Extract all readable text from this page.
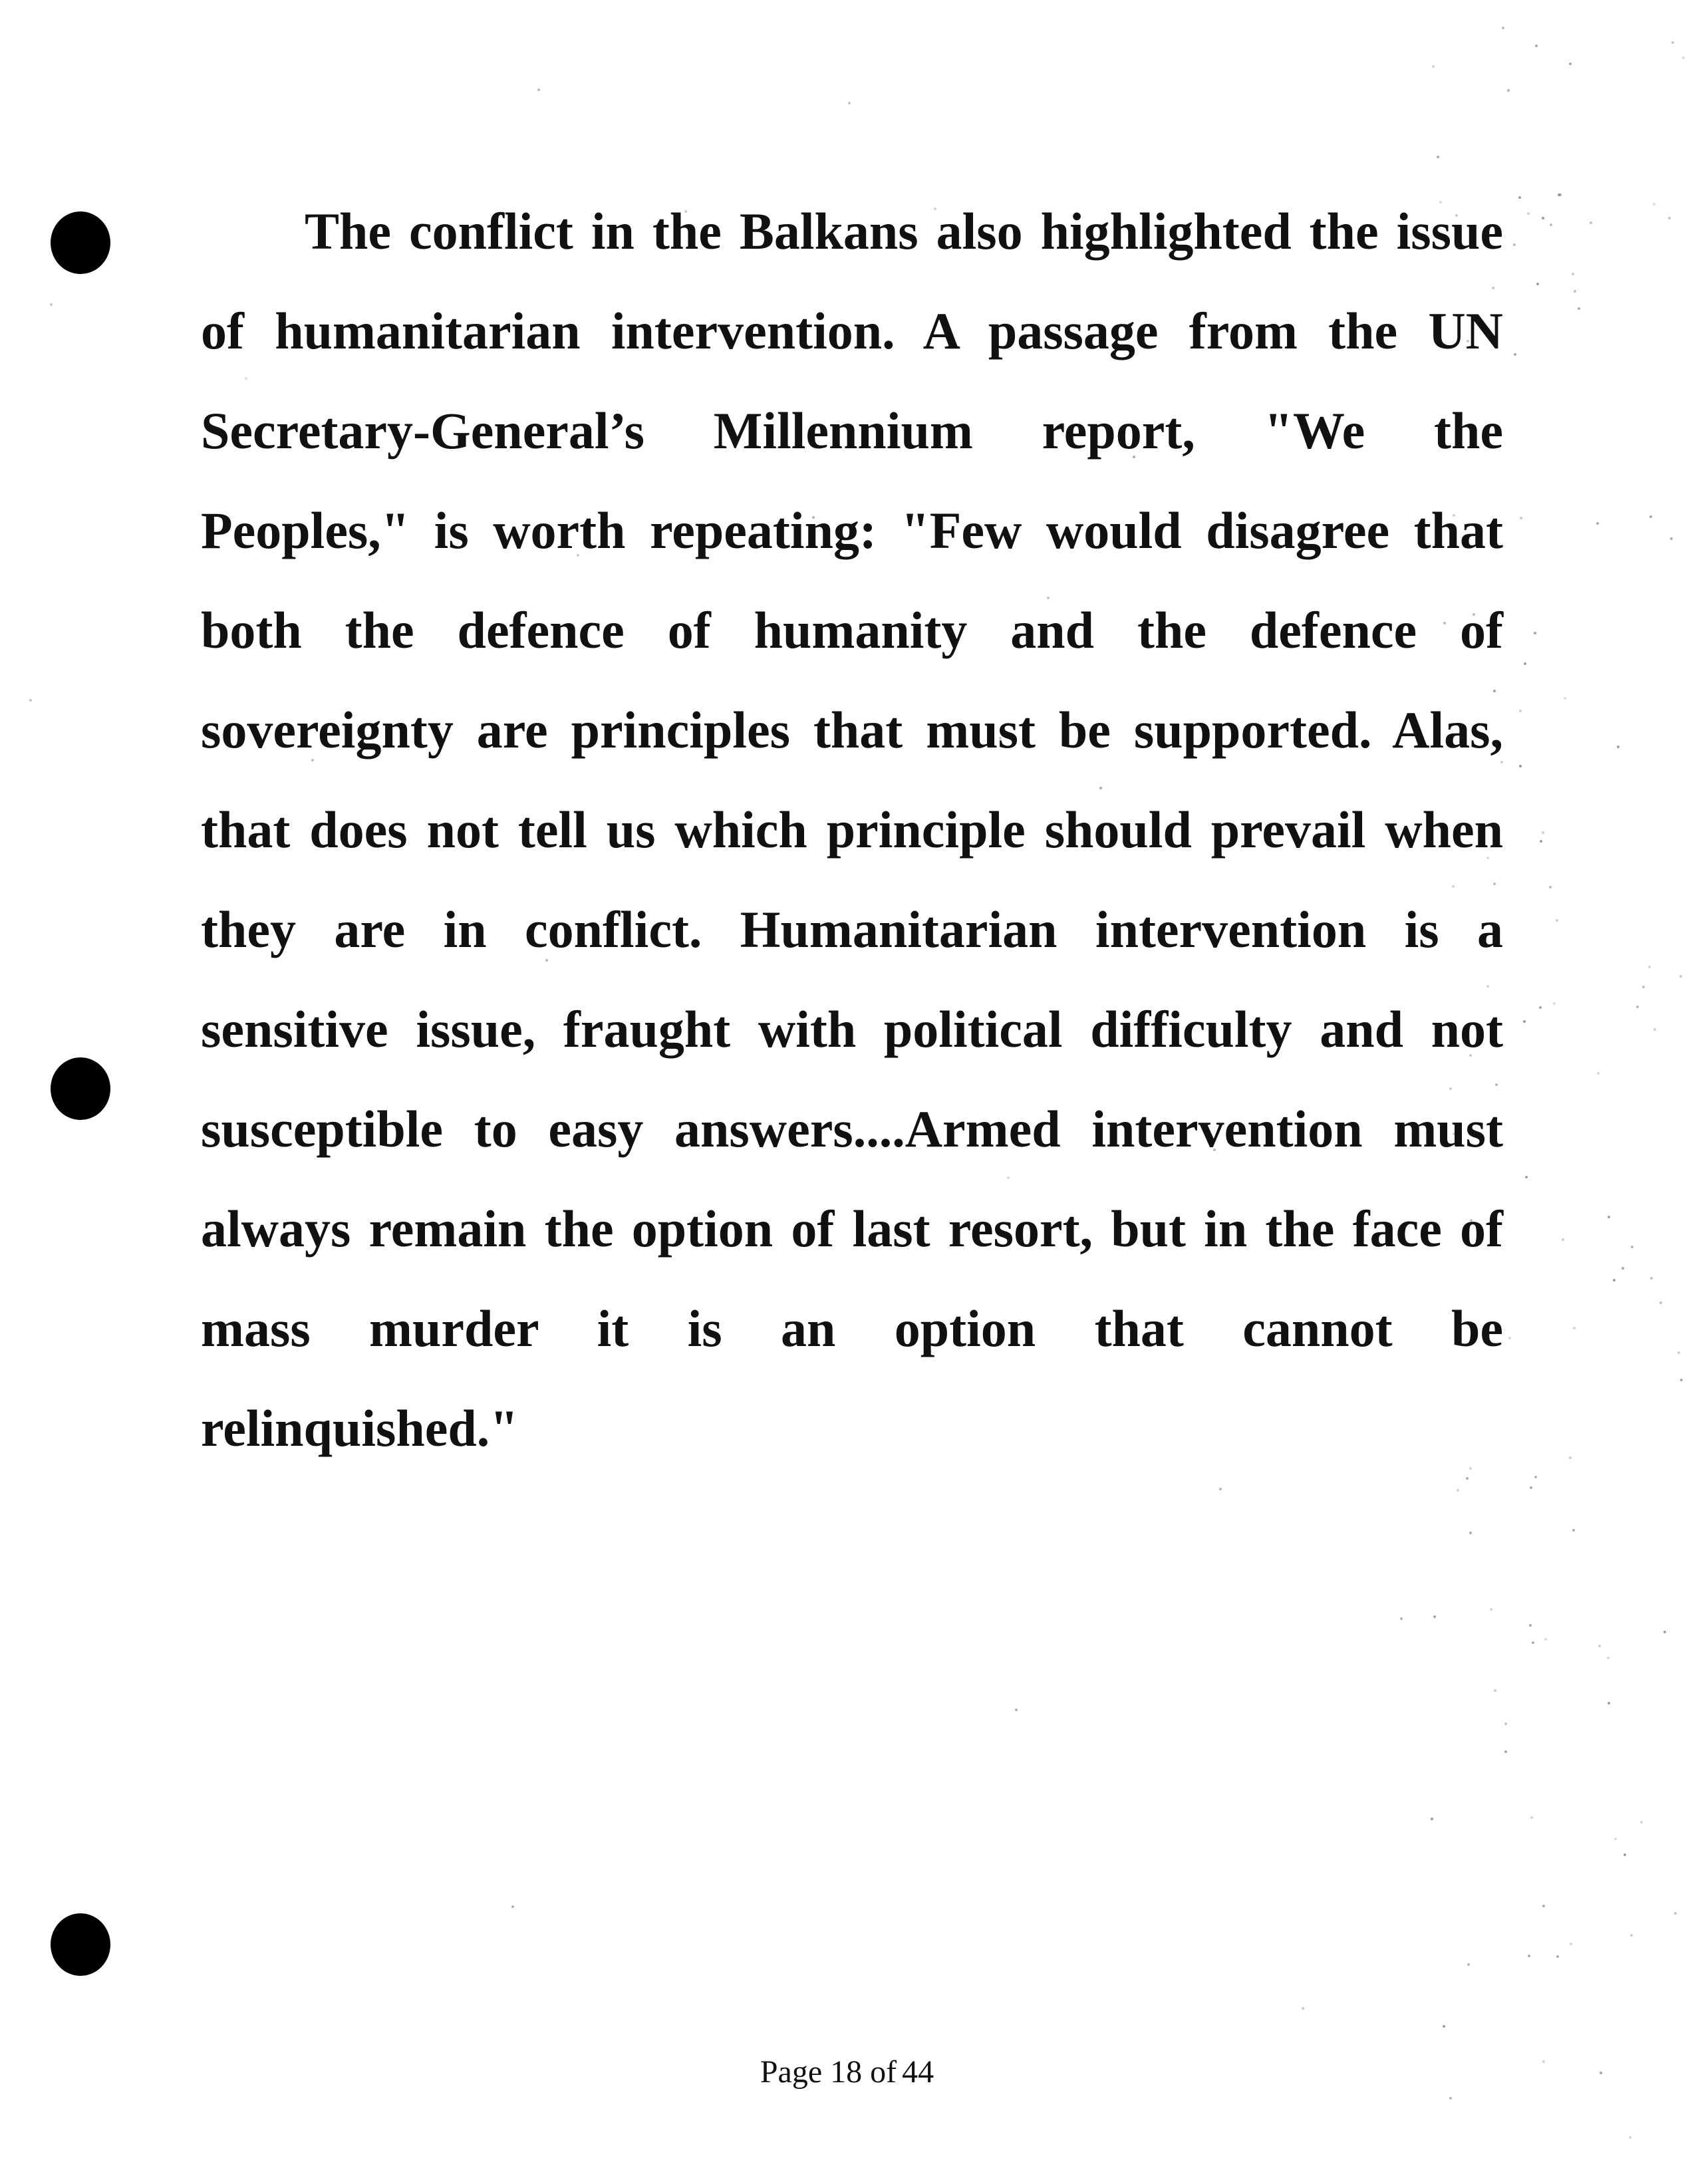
The conflict in the Balkans also highlighted the issue

of humanitarian intervention. A passage from the UN

Secretary-General’s Millennium report, "We the

Peoples," is worth repeating: "Few would disagree that

both the defence of humanity and the defence of

sovereignty are principles that must be supported. Alas,

that does not tell us which principle should prevail when

they are in conflict. Humanitarian intervention is a

sensitive issue, fraught with political difficulty and not

susceptible to easy answers....Armed intervention must

always remain the option of last resort, but in the face of

mass murder it is an option that cannot be

relinquished."

Page 18 of 44
